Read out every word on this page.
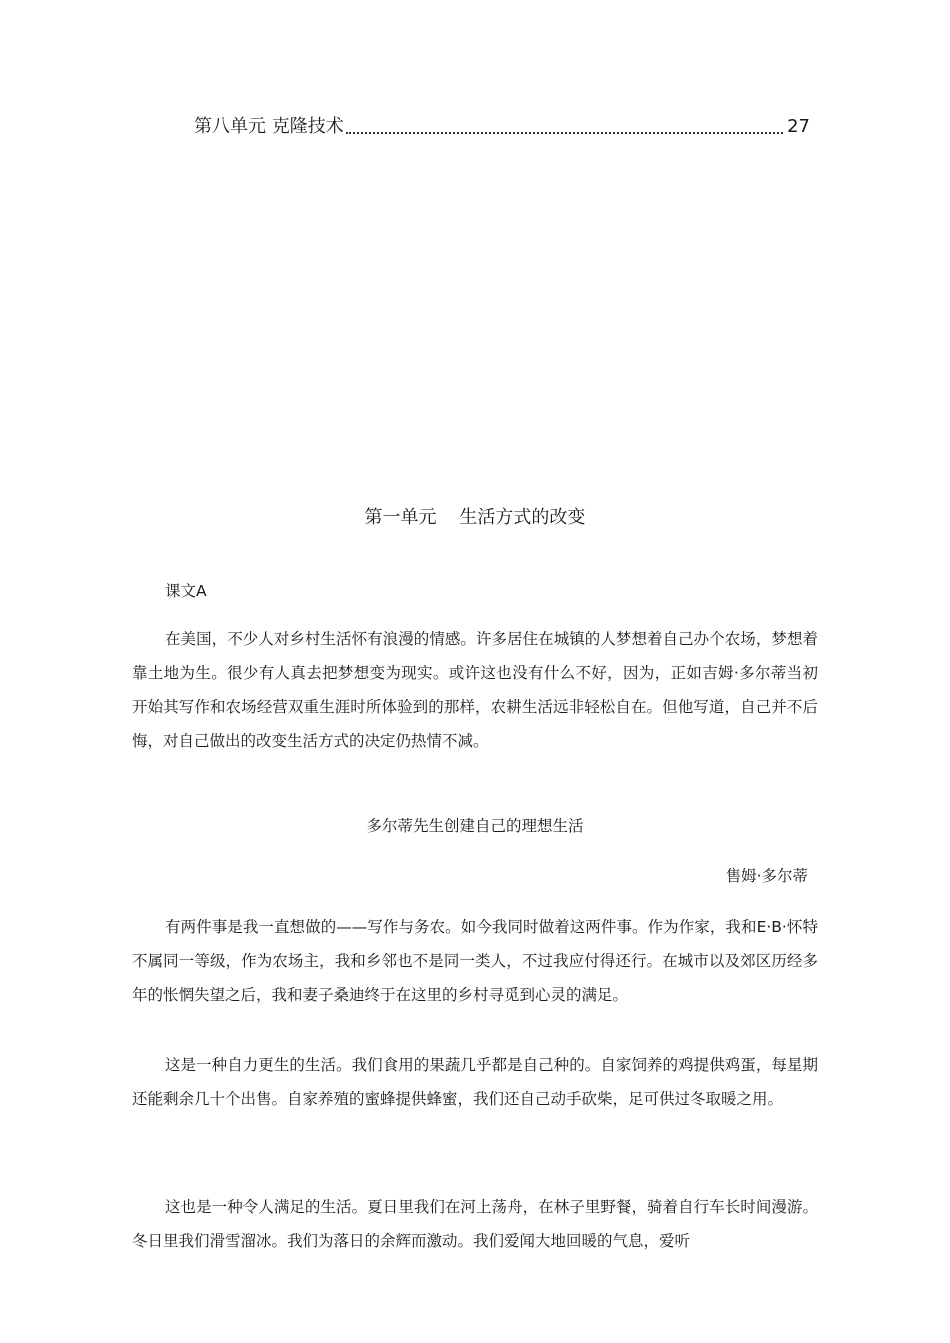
第八单元 克隆技术	27
第一单元    生活方式的改变
课文A

在美国，不少人对乡村生活怀有浪漫的情感。许多居住在城镇的人梦想着自己办个农场，梦想着靠土地为生。很少有人真去把梦想变为现实。或许这也没有什么不好，因为，正如吉姆·多尔蒂当初开始其写作和农场经营双重生涯时所体验到的那样，农耕生活远非轻松自在。但他写道，自己并不后悔，对自己做出的改变生活方式的决定仍热情不减。

多尔蒂先生创建自己的理想生活
售姆·多尔蒂

有两件事是我一直想做的——写作与务农。如今我同时做着这两件事。作为作家，我和E·B·怀特不属同一等级，作为农场主，我和乡邻也不是同一类人，不过我应付得还行。在城市以及郊区历经多年的怅惘失望之后，我和妻子桑迪终于在这里的乡村寻觅到心灵的满足。

这是一种自力更生的生活。我们食用的果蔬几乎都是自己种的。自家饲养的鸡提供鸡蛋，每星期还能剩余几十个出售。自家养殖的蜜蜂提供蜂蜜，我们还自己动手砍柴，足可供过冬取暖之用。

这也是一种令人满足的生活。夏日里我们在河上荡舟，在林子里野餐，骑着自行车长时间漫游。冬日里我们滑雪溜冰。我们为落日的余辉而激动。我们爱闻大地回暖的气息，爱听
